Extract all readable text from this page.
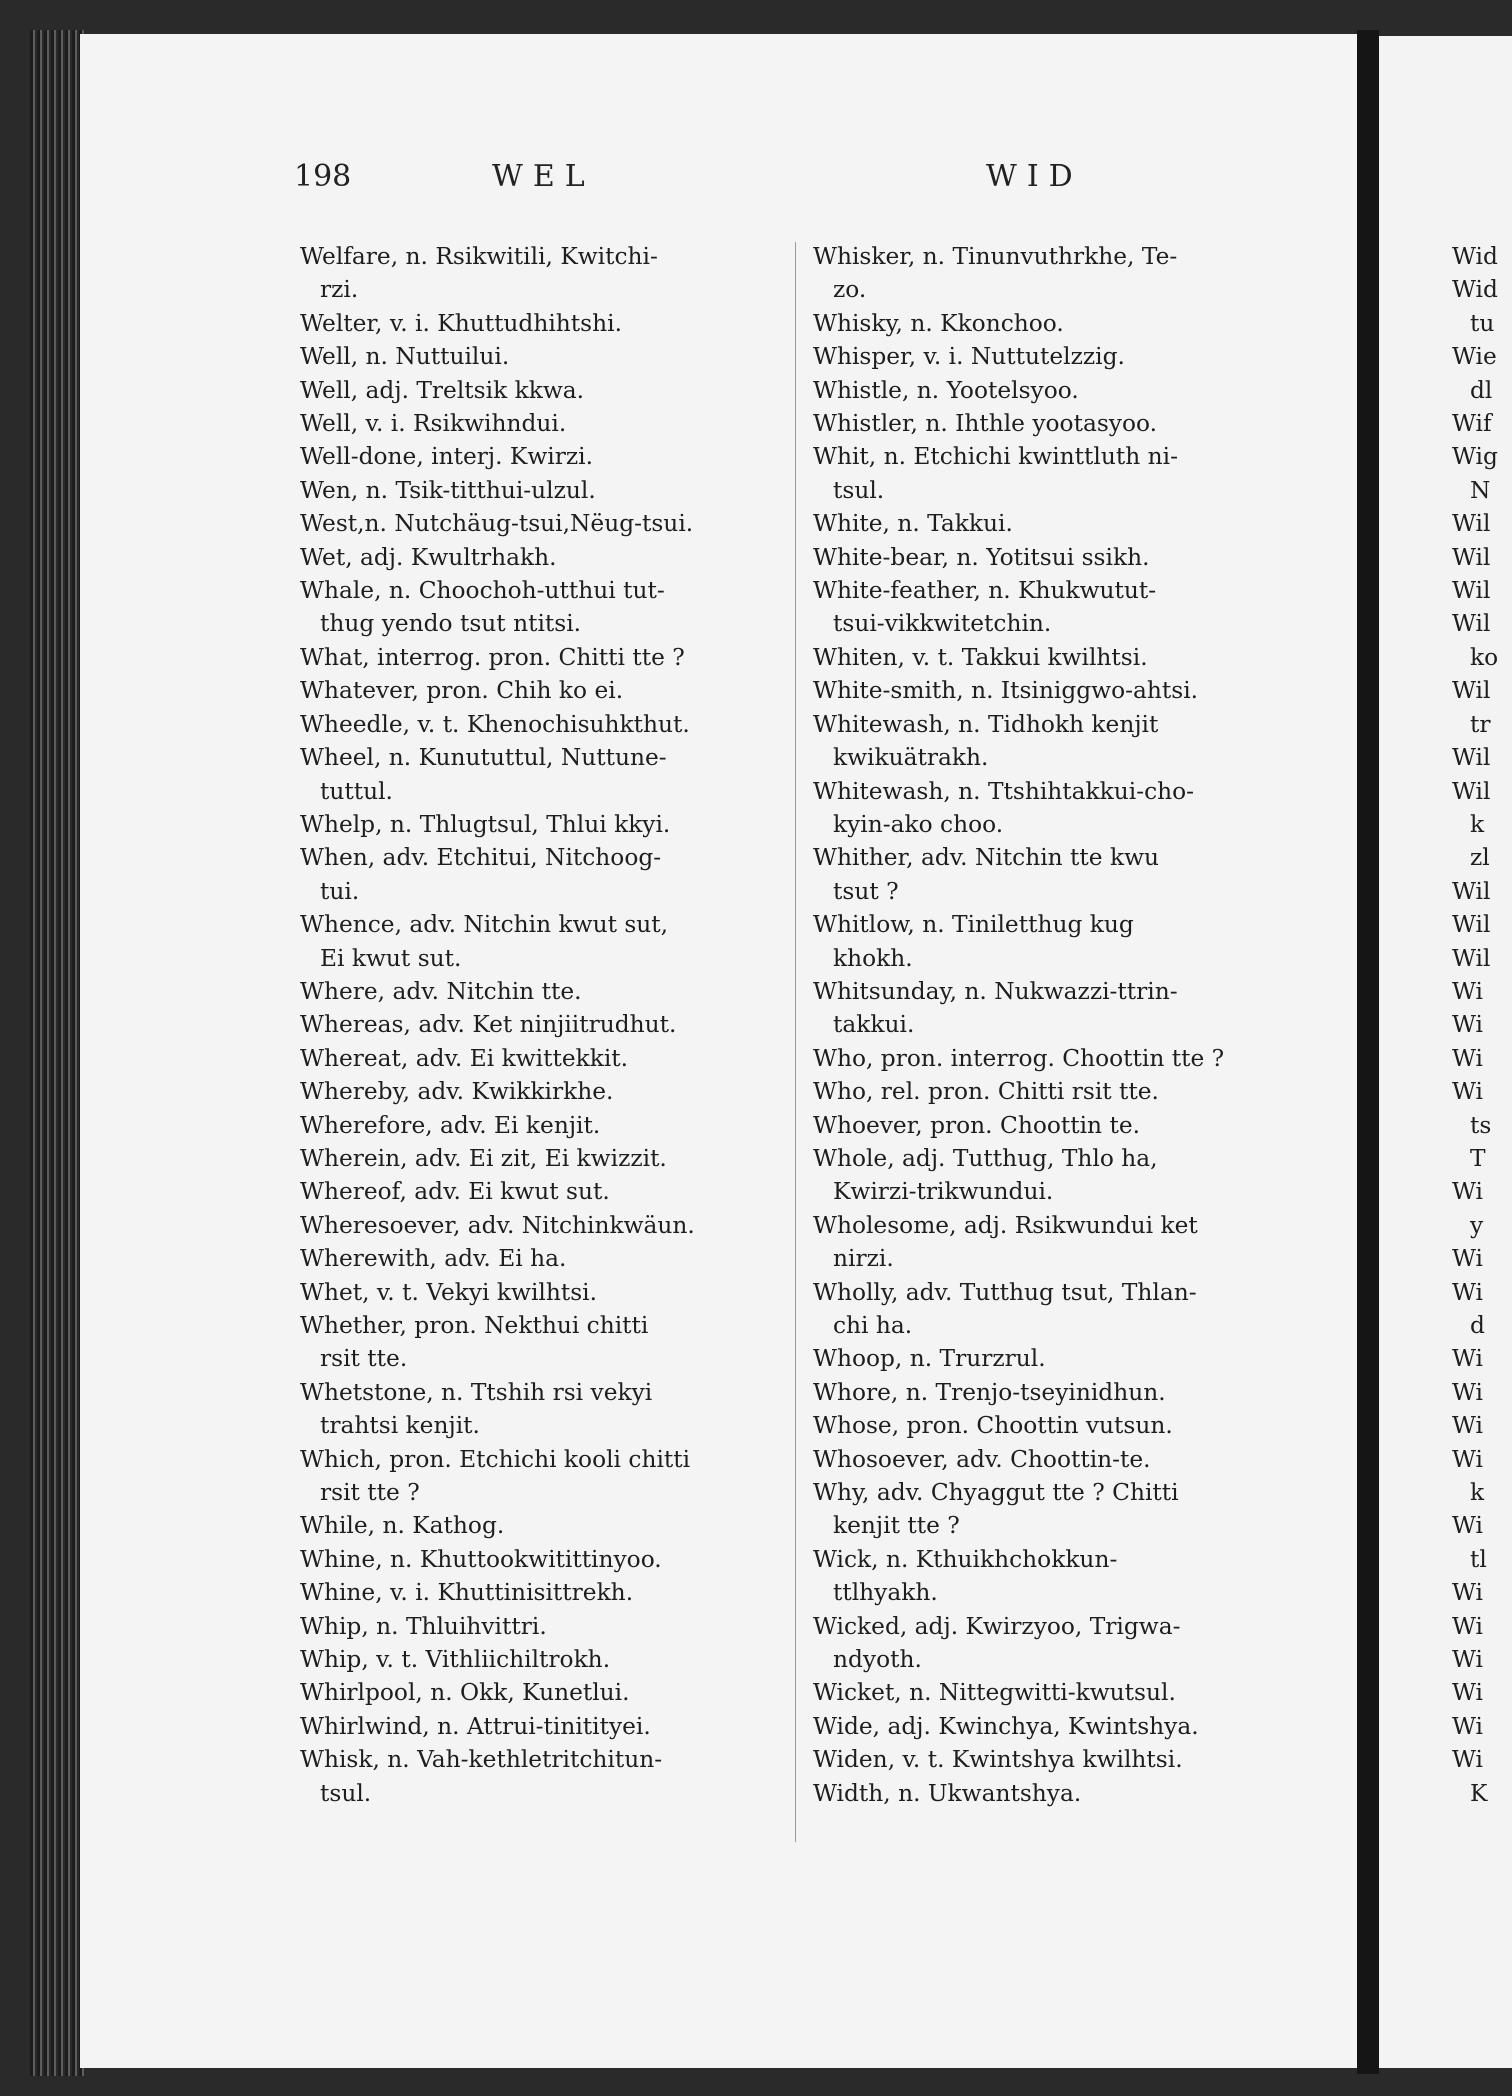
198	WEL	WID
Welfare, n. Rsikwitili, Kwitchi-
rzi.
Welter, v. i. Khuttudhihtshi.
Well, n. Nuttuilui.
Well, adj. Treltsik kkwa.
Well, v. i. Rsikwihndui.
Well-done, interj. Kwirzi.
Wen, n. Tsik-titthui-ulzul.
West,n. Nutchäug-tsui,Nëug-tsui.
Wet, adj. Kwultrhakh.
Whale, n. Choochoh-utthui tut-
thug yendo tsut ntitsi.
What, interrog. pron. Chitti tte ?
Whatever, pron. Chih ko ei.
Wheedle, v. t. Khenochisuhkthut.
Wheel, n. Kunututtul, Nuttune-
tuttul.
Whelp, n. Thlugtsul, Thlui kkyi.
When, adv. Etchitui, Nitchoog-
tui.
Whence, adv. Nitchin kwut sut,
Ei kwut sut.
Where, adv. Nitchin tte.
Whereas, adv. Ket ninjiitrudhut.
Whereat, adv. Ei kwittekkit.
Whereby, adv. Kwikkirkhe.
Wherefore, adv. Ei kenjit.
Wherein, adv. Ei zit, Ei kwizzit.
Whereof, adv. Ei kwut sut.
Wheresoever, adv. Nitchinkwäun.
Wherewith, adv. Ei ha.
Whet, v. t. Vekyi kwilhtsi.
Whether, pron. Nekthui chitti
rsit tte.
Whetstone, n. Ttshih rsi vekyi
trahtsi kenjit.
Which, pron. Etchichi kooli chitti
rsit tte ?
While, n. Kathog.
Whine, n. Khuttookwitittinyoo.
Whine, v. i. Khuttinisittrekh.
Whip, n. Thluihvittri.
Whip, v. t. Vithliichiltrokh.
Whirlpool, n. Okk, Kunetlui.
Whirlwind, n. Attrui-tinitityei.
Whisk, n. Vah-kethletritchitun-
tsul.
Whisker, n. Tinunvuthrkhe, Te-
zo.
Whisky, n. Kkonchoo.
Whisper, v. i. Nuttutelzzig.
Whistle, n. Yootelsyoo.
Whistler, n. Ihthle yootasyoo.
Whit, n. Etchichi kwinttluth ni-
tsul.
White, n. Takkui.
White-bear, n. Yotitsui ssikh.
White-feather, n. Khukwutut-
tsui-vikkwitetchin.
Whiten, v. t. Takkui kwilhtsi.
White-smith, n. Itsiniggwo-ahtsi.
Whitewash, n. Tidhokh kenjit
kwikuätrakh.
Whitewash, n. Ttshihtakkui-cho-
kyin-ako choo.
Whither, adv. Nitchin tte kwu
tsut ?
Whitlow, n. Tiniletthug kug
khokh.
Whitsunday, n. Nukwazzi-ttrin-
takkui.
Who, pron. interrog. Choottin tte ?
Who, rel. pron. Chitti rsit tte.
Whoever, pron. Choottin te.
Whole, adj. Tutthug, Thlo ha,
Kwirzi-trikwundui.
Wholesome, adj. Rsikwundui ket
nirzi.
Wholly, adv. Tutthug tsut, Thlan-
chi ha.
Whoop, n. Trurzrul.
Whore, n. Trenjo-tseyinidhun.
Whose, pron. Choottin vutsun.
Whosoever, adv. Choottin-te.
Why, adv. Chyaggut tte ? Chitti
kenjit tte ?
Wick, n. Kthuikhchokkun-
ttlhyakh.
Wicked, adj. Kwirzyoo, Trigwa-
ndyoth.
Wicket, n. Nittegwitti-kwutsul.
Wide, adj. Kwinchya, Kwintshya.
Widen, v. t. Kwintshya kwilhtsi.
Width, n. Ukwantshya.
Wid
Wid
tu
Wie
dl
Wif
Wig
N
Wil
Wil
Wil
Wil
ko
Wil
tr
Wil
Wil
k
zl
Wil
Wil
Wil
Wi
Wi
Wi
Wi
ts
T
Wi
y
Wi
Wi
d
Wi
Wi
Wi
Wi
k
Wi
tl
Wi
Wi
Wi
Wi
Wi
Wi
K
